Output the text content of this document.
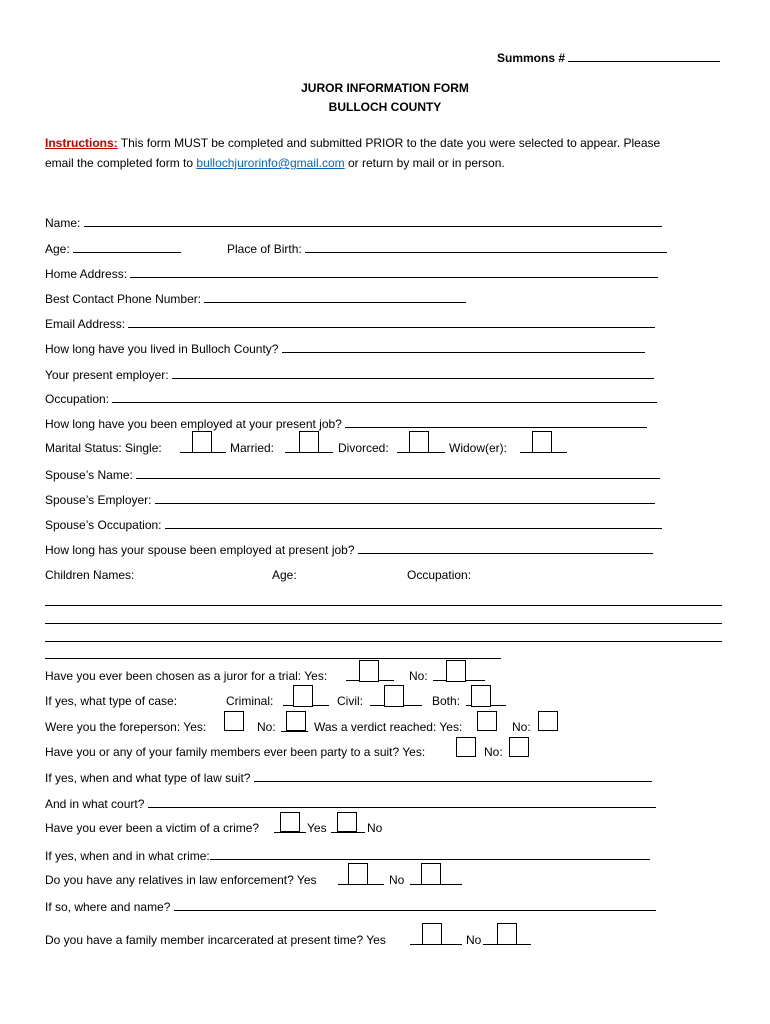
Summons #
JUROR INFORMATION FORM
BULLOCH COUNTY
Instructions: This form MUST be completed and submitted PRIOR to the date you were selected to appear. Please
email the completed form to bullochjurorinfo@gmail.com or return by mail or in person.
Name:
Age:	Place of Birth:
Home Address:
Best Contact Phone Number:
Email Address:
How long have you lived in Bulloch County?
Your present employer:
Occupation:
How long have you been employed at your present job?
Marital Status: Single:	Married:	Divorced:	Widow(er):
Spouse’s Name:
Spouse’s Employer:
Spouse’s Occupation:
How long has your spouse been employed at present job?
Children Names:	Age:	Occupation:
Have you ever been chosen as a juror for a trial: Yes:	No:
If yes, what type of case:	Criminal:	Civil:	Both:
Were you the foreperson: Yes:	No:	Was a verdict reached: Yes:	No:
Have you or any of your family members ever been party to a suit? Yes:	No:
If yes, when and what type of law suit?
And in what court?
Have you ever been a victim of a crime?	Yes	No
If yes, when and in what crime:
Do you have any relatives in law enforcement? Yes	No
If so, where and name?
Do you have a family member incarcerated at present time? Yes	No
